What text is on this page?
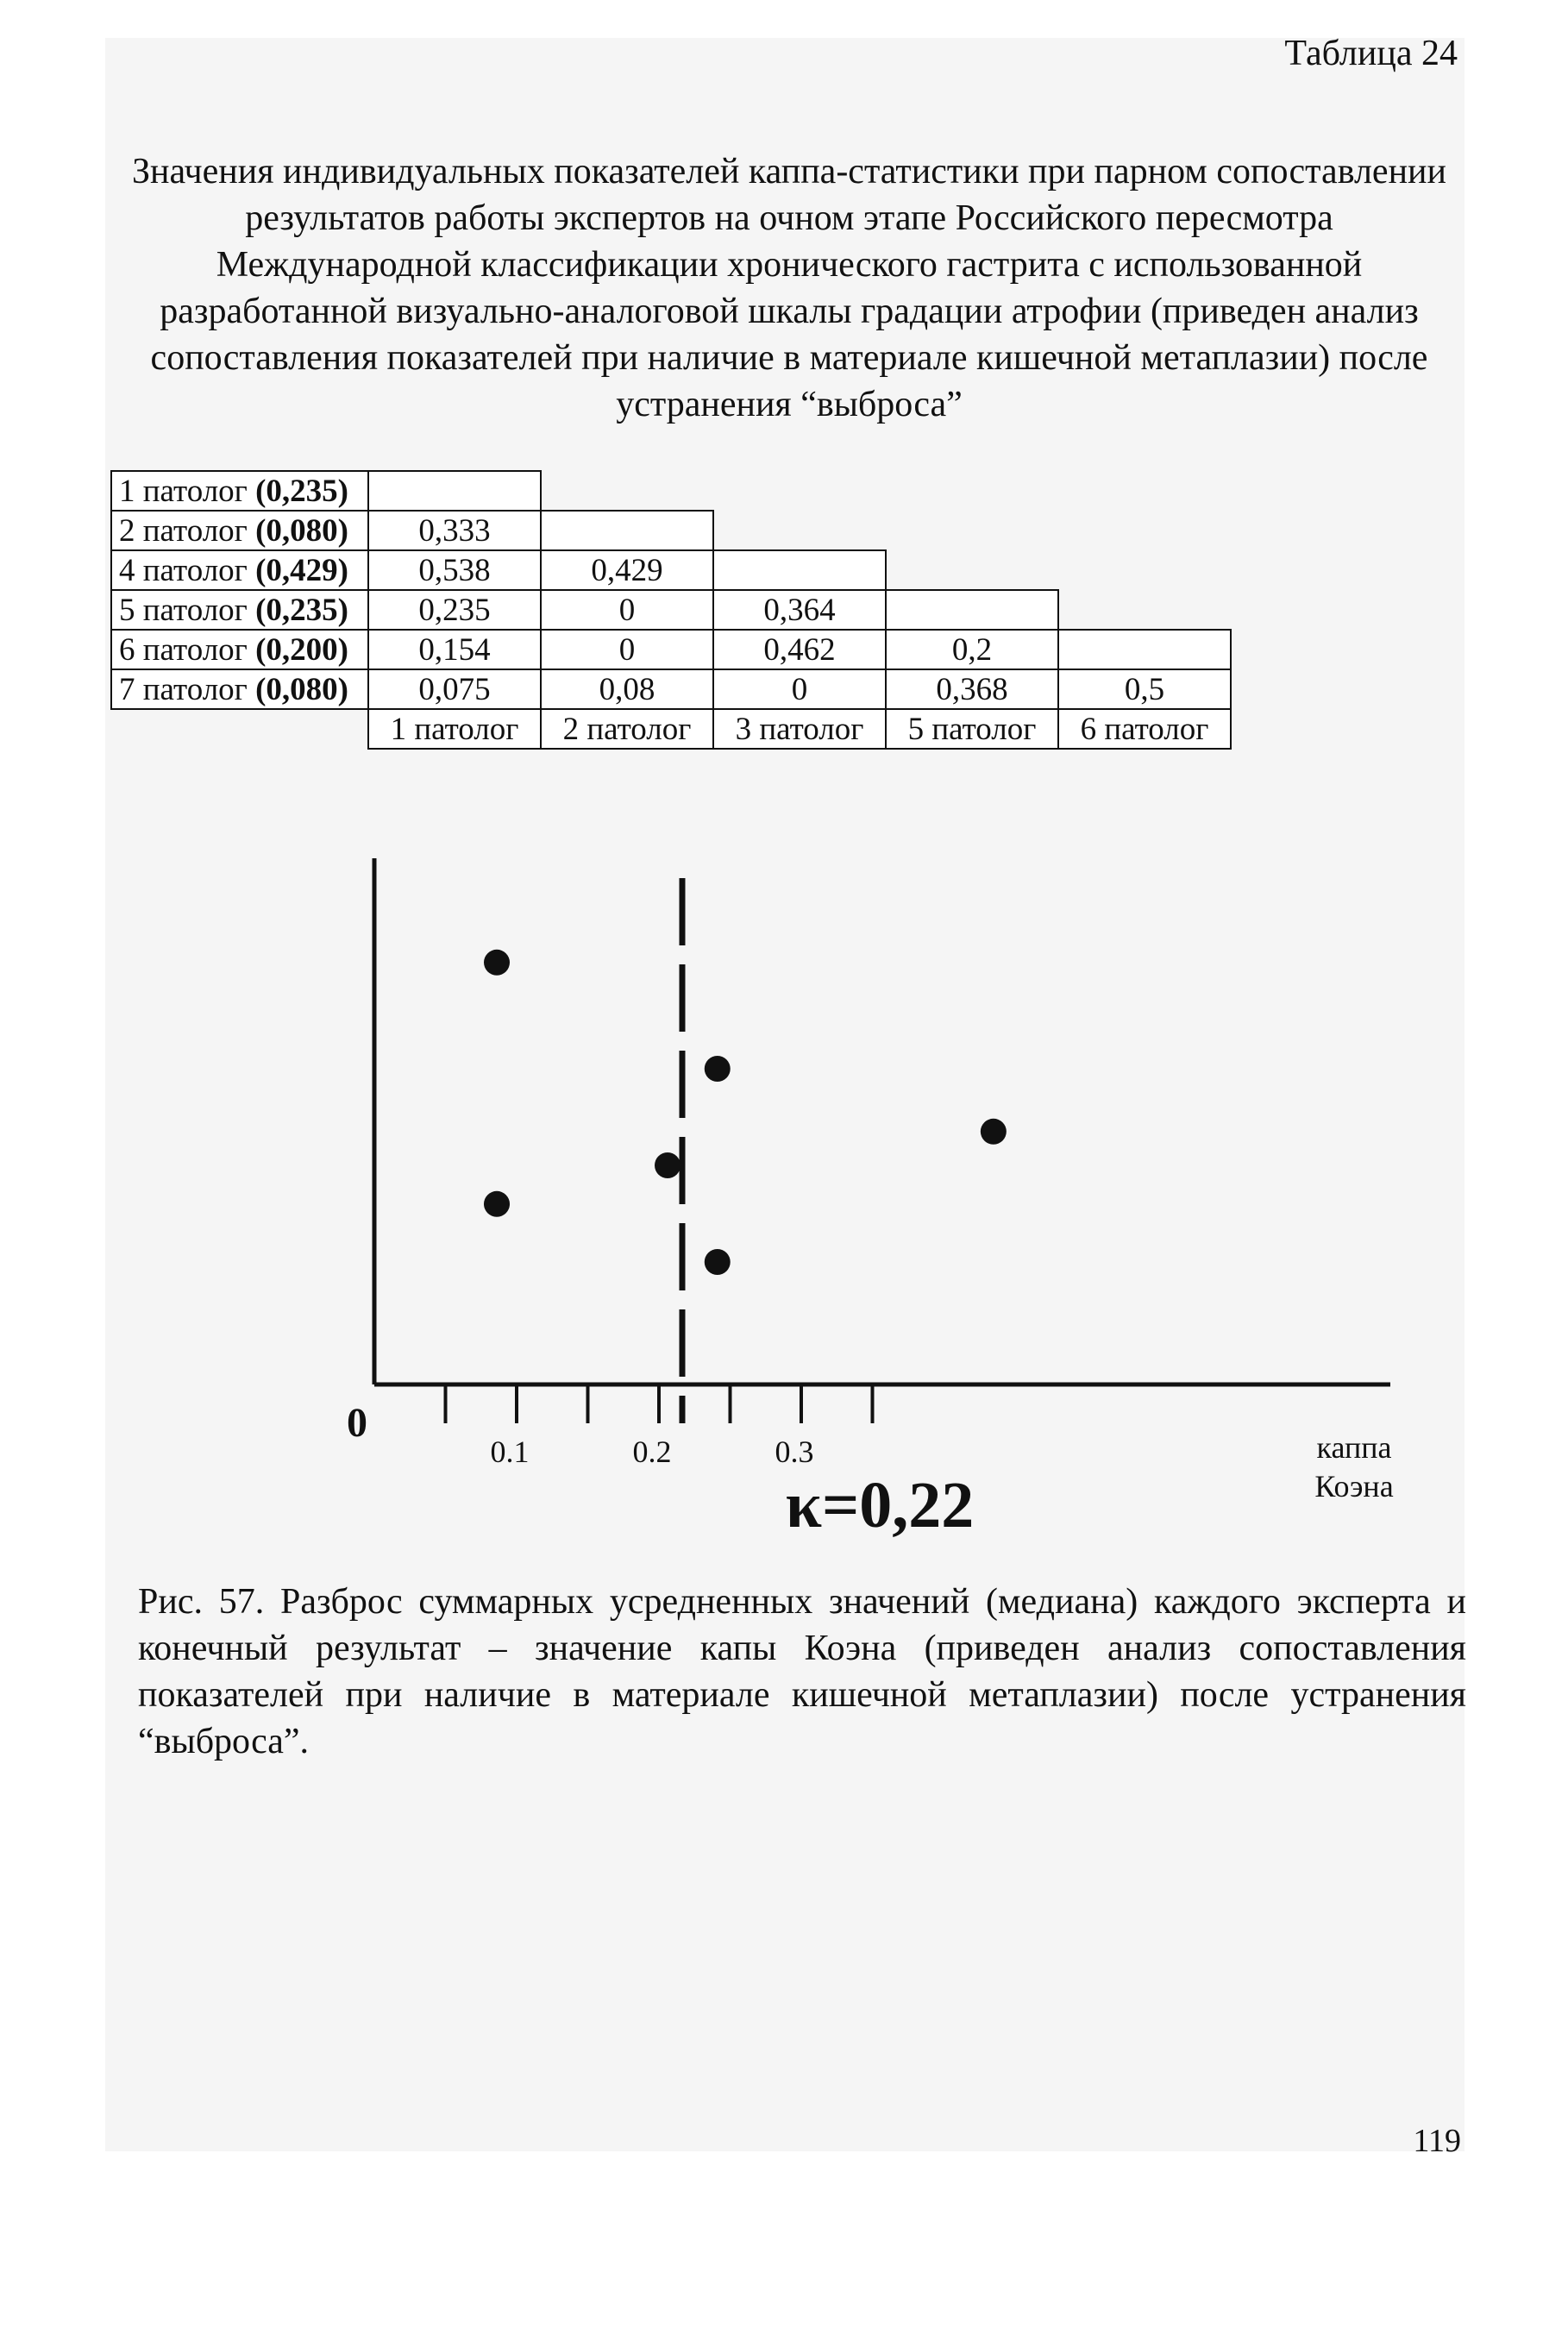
Таблица 24
Значения индивидуальных показателей каппа-статистики при парном сопоставлении результатов работы экспертов на очном этапе Российского пересмотра Международной классификации хронического гастрита с использованной разработанной визуально-аналоговой шкалы градации атрофии (приведен анализ сопоставления показателей при наличие в материале кишечной метаплазии) после устранения “выброса”
1 патолог (0,235)					
2 патолог (0,080)	0,333				
4 патолог (0,429)	0,538	0,429			
5 патолог (0,235)	0,235	0	0,364		
6 патолог (0,200)	0,154	0	0,462	0,2	
7 патолог (0,080)	0,075	0,08	0	0,368	0,5
	1 патолог	2 патолог	3 патолог	5 патолог	6 патолог
0
0.1	0.2	0.3	каппа
Коэна
κ=0,22
Рис. 57. Разброс суммарных усредненных значений (медиана) каждого эксперта и конечный результат – значение капы Коэна (приведен анализ сопоставления показателей при наличие в материале кишечной метаплазии) после устранения “выброса”.
119
